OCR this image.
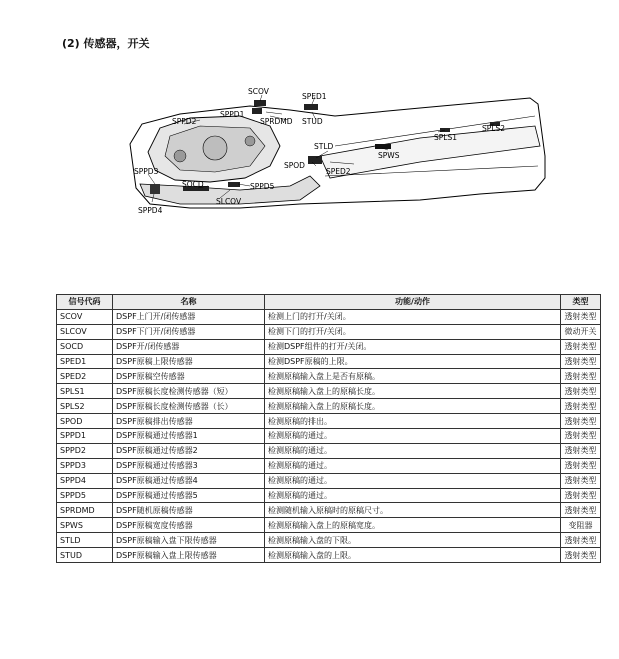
(2) 传感器，开关
SCOV
SPED1
SPPD1
SPRDMD STUD
SPPD2
STLD
SPLS1
SPLS2
SPWS
SPOD
SPED2
SPPD3
SOCD	SPPD5
SLCOV
SPPD4
信号代码	名称	功能/动作	类型
SCOV	DSPF上门开/闭传感器	检测上门的打开/关闭。	透射类型
SLCOV	DSPF下门开/闭传感器	检测下门的打开/关闭。	微动开关
SOCD	DSPF开/闭传感器	检测DSPF组件的打开/关闭。	透射类型
SPED1	DSPF原稿上限传感器	检测DSPF原稿的上限。	透射类型
SPED2	DSPF原稿空传感器	检测原稿输入盘上是否有原稿。	透射类型
SPLS1	DSPF原稿长度检测传感器（短）	检测原稿输入盘上的原稿长度。	透射类型
SPLS2	DSPF原稿长度检测传感器（长）	检测原稿输入盘上的原稿长度。	透射类型
SPOD	DSPF原稿排出传感器	检测原稿的排出。	透射类型
SPPD1	DSPF原稿通过传感器1	检测原稿的通过。	透射类型
SPPD2	DSPF原稿通过传感器2	检测原稿的通过。	透射类型
SPPD3	DSPF原稿通过传感器3	检测原稿的通过。	透射类型
SPPD4	DSPF原稿通过传感器4	检测原稿的通过。	透射类型
SPPD5	DSPF原稿通过传感器5	检测原稿的通过。	透射类型
SPRDMD	DSPF随机原稿传感器	检测随机输入原稿时的原稿尺寸。	透射类型
SPWS	DSPF原稿宽度传感器	检测原稿输入盘上的原稿宽度。	变阻器
STLD	DSPF原稿输入盘下限传感器	检测原稿输入盘的下限。	透射类型
STUD	DSPF原稿输入盘上限传感器	检测原稿输入盘的上限。	透射类型
